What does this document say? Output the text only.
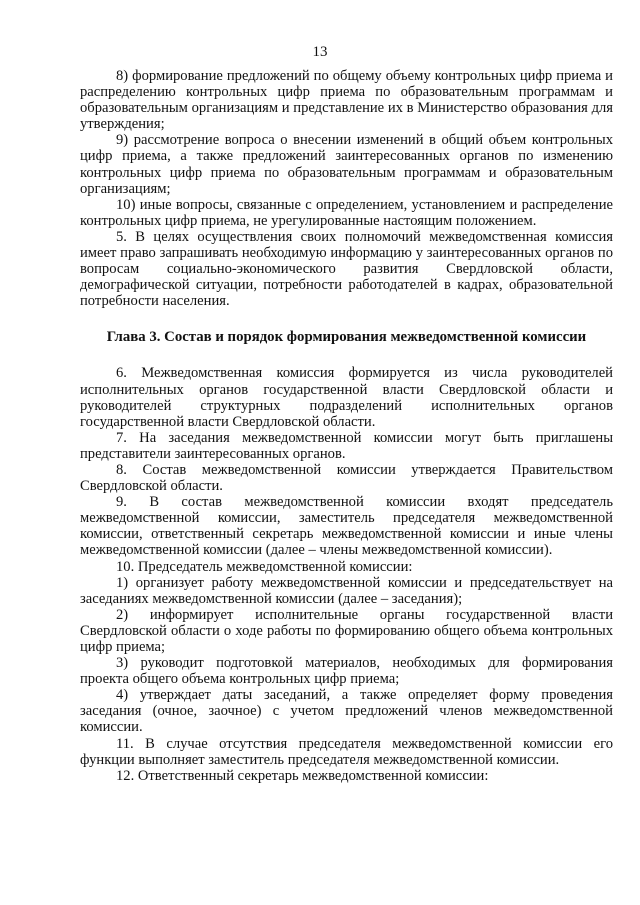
13

8) формирование предложений по общему объему контрольных цифр приема и распределению контрольных цифр приема по образовательным программам и образовательным организациям и представление их в Министерство образования для утверждения;

9) рассмотрение вопроса о внесении изменений в общий объем контрольных цифр приема, а также предложений заинтересованных органов по изменению контрольных цифр приема по образовательным программам и образовательным организациям;

10) иные вопросы, связанные с определением, установлением и распределение контрольных цифр приема, не урегулированные настоящим положением.

5. В целях осуществления своих полномочий межведомственная комиссия имеет право запрашивать необходимую информацию у заинтересованных органов по вопросам социально-экономического развития Свердловской области, демографической ситуации, потребности работодателей в кадрах, образовательной потребности населения.

Глава 3. Состав и порядок формирования межведомственной комиссии

6. Межведомственная комиссия формируется из числа руководителей исполнительных органов государственной власти Свердловской области и руководителей структурных подразделений исполнительных органов государственной власти Свердловской области.

7. На заседания межведомственной комиссии могут быть приглашены представители заинтересованных органов.

8. Состав межведомственной комиссии утверждается Правительством Свердловской области.

9. В состав межведомственной комиссии входят председатель межведомственной комиссии, заместитель председателя межведомственной комиссии, ответственный секретарь межведомственной комиссии и иные члены межведомственной комиссии (далее – члены межведомственной комиссии).

10. Председатель межведомственной комиссии:

1) организует работу межведомственной комиссии и председательствует на заседаниях межведомственной комиссии (далее – заседания);

2) информирует исполнительные органы государственной власти Свердловской области о ходе работы по формированию общего объема контрольных цифр приема;

3) руководит подготовкой материалов, необходимых для формирования проекта общего объема контрольных цифр приема;

4) утверждает даты заседаний, а также определяет форму проведения заседания (очное, заочное) с учетом предложений членов межведомственной комиссии.

11. В случае отсутствия председателя межведомственной комиссии его функции выполняет заместитель председателя межведомственной комиссии.

12. Ответственный секретарь межведомственной комиссии:
